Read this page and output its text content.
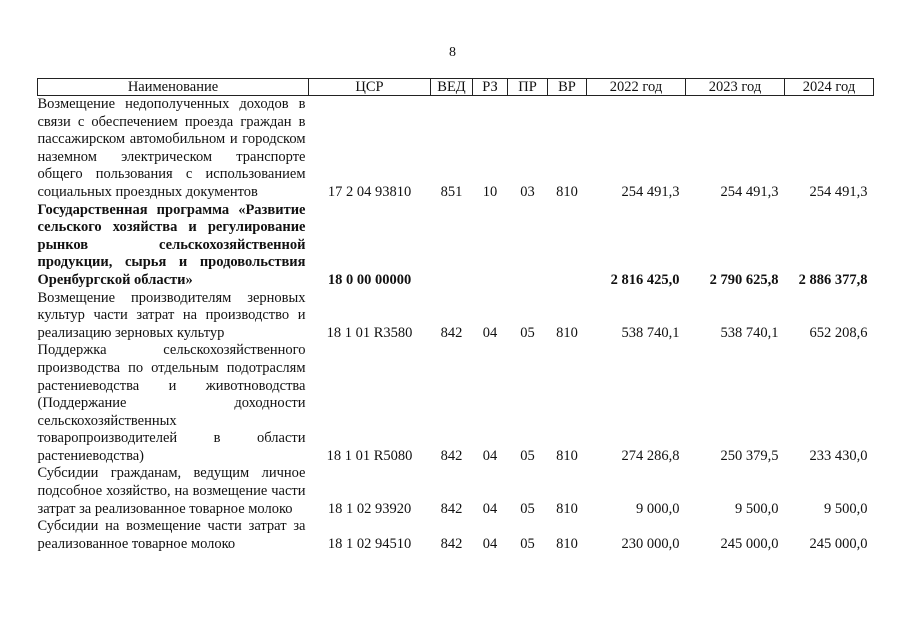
8
Наименование	ЦСР	ВЕД	РЗ	ПР	ВР	2022 год	2023 год	2024 год
Возмещение недополученных доходов в связи с обеспечением проезда граждан в пассажирском автомобильном и городском наземном электрическом транспорте общего пользования с использованием социальных проездных документов	17 2 04 93810	851	10	03	810	254 491,3	254 491,3	254 491,3
Государственная программа «Развитие сельского хозяйства и регулирование рынков сельскохозяйственной продукции, сырья и продовольствия Оренбургской области»	18 0 00 00000					2 816 425,0	2 790 625,8	2 886 377,8
Возмещение производителям зерновых культур части затрат на производство и реализацию зерновых культур	18 1 01 R3580	842	04	05	810	538 740,1	538 740,1	652 208,6
Поддержка сельскохозяйственного производства по отдельным подотраслям растениеводства и животноводства (Поддержание доходности сельскохозяйственных товаропроизводителей в области растениеводства)	18 1 01 R5080	842	04	05	810	274 286,8	250 379,5	233 430,0
Субсидии гражданам, ведущим личное подсобное хозяйство, на возмещение части затрат за реализованное товарное молоко	18 1 02 93920	842	04	05	810	9 000,0	9 500,0	9 500,0
Субсидии на возмещение части затрат за реализованное товарное молоко	18 1 02 94510	842	04	05	810	230 000,0	245 000,0	245 000,0
